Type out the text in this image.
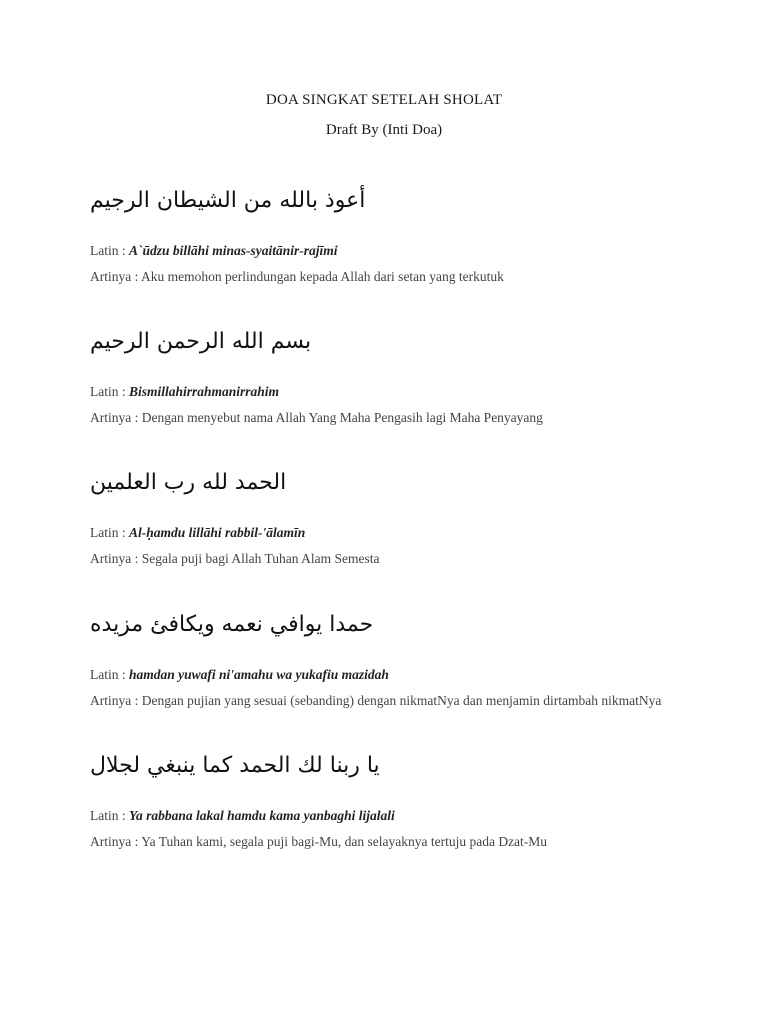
DOA SINGKAT SETELAH SHOLAT
Draft By (Inti Doa)
أعوذ بالله من الشيطان الرجيم
Latin : A`ūdzu billāhi minas-syaitānir-rajīmi
Artinya : Aku memohon perlindungan kepada Allah dari setan yang terkutuk
بسم الله الرحمن الرحيم
Latin : Bismillahirrahmanirrahim
Artinya : Dengan menyebut nama Allah Yang Maha Pengasih lagi Maha Penyayang
الحمد لله رب العلمين
Latin : Al-ḥamdu lillāhi rabbil-'ālamīn
Artinya : Segala puji bagi Allah Tuhan Alam Semesta
حمدا يوافي نعمه ويكافئ مزيده
Latin : hamdan yuwafi ni'amahu wa yukafiu mazidah
Artinya : Dengan pujian yang sesuai (sebanding) dengan nikmatNya dan menjamin dirtambah nikmatNya
يا ربنا لك الحمد كما ينبغي لجلال
Latin : Ya rabbana lakal hamdu kama yanbaghi lijalali
Artinya : Ya Tuhan kami, segala puji bagi-Mu, dan selayaknya tertuju pada Dzat-Mu
